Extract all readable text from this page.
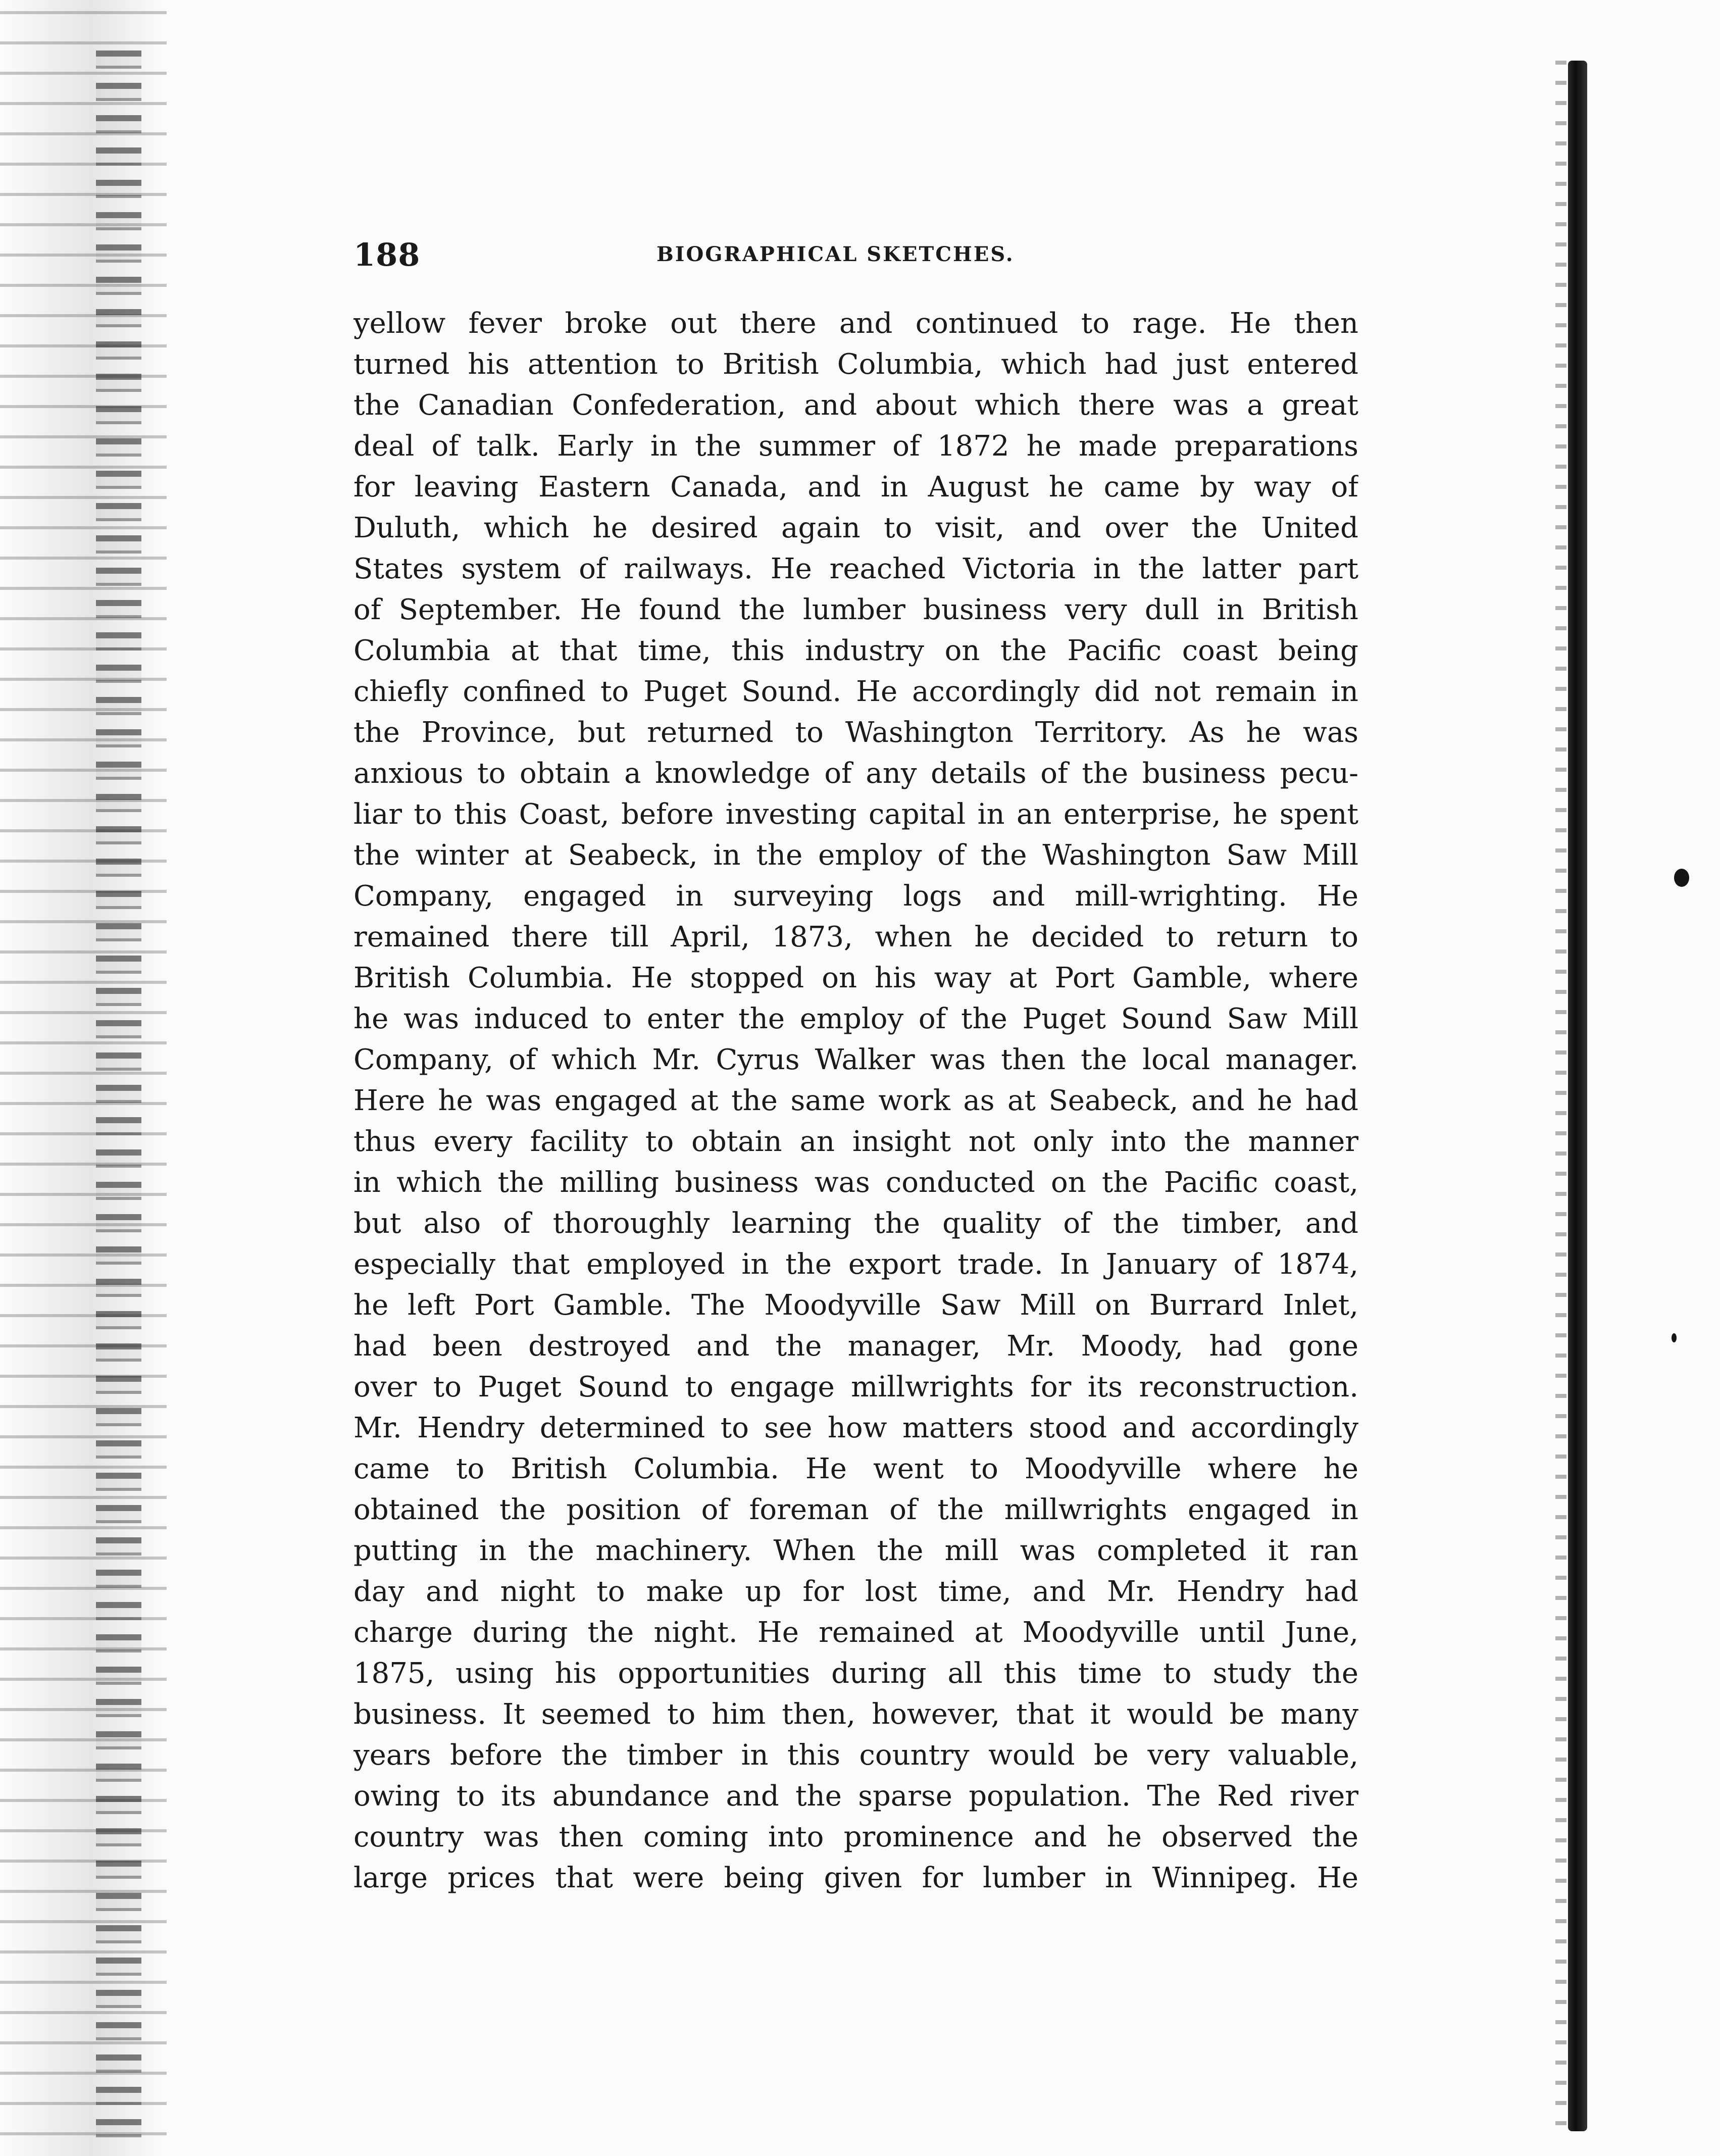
188	BIOGRAPHICAL SKETCHES.
yellow fever broke out there and continued to rage. He then
turned his attention to British Columbia, which had just entered
the Canadian Confederation, and about which there was a great
deal of talk. Early in the summer of 1872 he made preparations
for leaving Eastern Canada, and in August he came by way of
Duluth, which he desired again to visit, and over the United
States system of railways. He reached Victoria in the latter part
of September. He found the lumber business very dull in British
Columbia at that time, this industry on the Pacific coast being
chiefly confined to Puget Sound. He accordingly did not remain in
the Province, but returned to Washington Territory. As he was
anxious to obtain a knowledge of any details of the business pecu-
liar to this Coast, before investing capital in an enterprise, he spent
the winter at Seabeck, in the employ of the Washington Saw Mill
Company, engaged in surveying logs and mill-wrighting. He
remained there till April, 1873, when he decided to return to
British Columbia. He stopped on his way at Port Gamble, where
he was induced to enter the employ of the Puget Sound Saw Mill
Company, of which Mr. Cyrus Walker was then the local manager.
Here he was engaged at the same work as at Seabeck, and he had
thus every facility to obtain an insight not only into the manner
in which the milling business was conducted on the Pacific coast,
but also of thoroughly learning the quality of the timber, and
especially that employed in the export trade. In January of 1874,
he left Port Gamble. The Moodyville Saw Mill on Burrard Inlet,
had been destroyed and the manager, Mr. Moody, had gone
over to Puget Sound to engage millwrights for its reconstruction.
Mr. Hendry determined to see how matters stood and accordingly
came to British Columbia. He went to Moodyville where he
obtained the position of foreman of the millwrights engaged in
putting in the machinery. When the mill was completed it ran
day and night to make up for lost time, and Mr. Hendry had
charge during the night. He remained at Moodyville until June,
1875, using his opportunities during all this time to study the
business. It seemed to him then, however, that it would be many
years before the timber in this country would be very valuable,
owing to its abundance and the sparse population. The Red river
country was then coming into prominence and he observed the
large prices that were being given for lumber in Winnipeg. He
